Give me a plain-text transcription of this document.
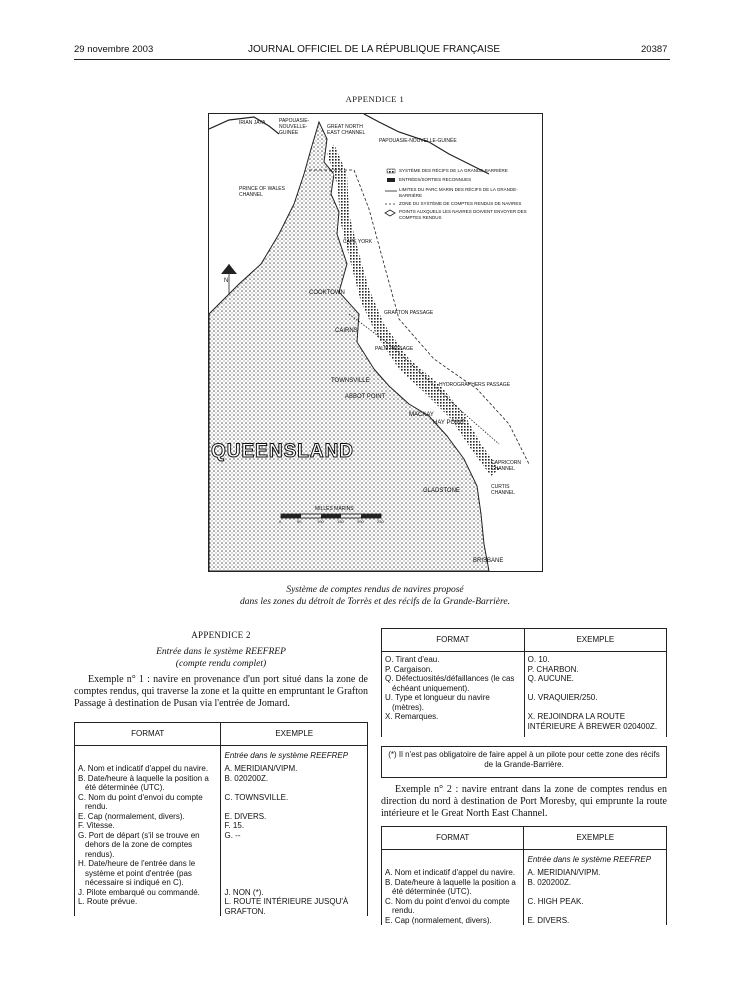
29 novembre 2003	JOURNAL OFFICIEL DE LA RÉPUBLIQUE FRANÇAISE	20387
APPENDICE 1
IRIAN JAYA	PAPOUASIE-NOUVELLE-GUINÉE
GREAT NORTH EAST CHANNEL
PAPOUASIE-NOUVELLE-GUINÉE
PRINCE OF WALES CHANNEL
CAPE YORK
COOKTOWN
GRAFTON PASSAGE
CAIRNS
PALM PASSAGE
TOWNSVILLE
HYDROGRAPHERS PASSAGE
ABBOT POINT
MACKAY
HAY POINT
QUEENSLAND
CAPRICORN CHANNEL
CURTIS CHANNEL
GLADSTONE
MILLES MARINS
BRISBANE
N
SYSTÈME DES RÉCIFS DE LA GRANDE-BARRIÈRE
ENTRÉES/SORTIES RECONNUES
LIMITES DU PARC MARIN DES RÉCIFS DE LA GRANDE-BARRIÈRE
ZONE DU SYSTÈME DE COMPTES RENDUS DE NAVIRES
POINTS AUXQUELS LES NAVIRES DOIVENT ENVOYER DES COMPTES RENDUS
0	50	100	150	200	250
Système de comptes rendus de navires proposé
dans les zones du détroit de Torrès et des récifs de la Grande-Barrière.
APPENDICE 2
Entrée dans le système REEFREP
(compte rendu complet)
Exemple n° 1 : navire en provenance d'un port situé dans la zone de comptes rendus, qui traverse la zone et la quitte en empruntant le Grafton Passage à destination de Pusan via l'entrée de Jomard.
FORMAT	EXEMPLE
	Entrée dans le système REEFREP
A. Nom et indicatif d'appel du navire.	A. MERIDIAN/VIPM.
B. Date/heure à laquelle la position a été déterminée (UTC).	B. 020200Z.
C. Nom du point d'envoi du compte rendu.	C. TOWNSVILLE.
E. Cap (normalement, divers).	E. DIVERS.
F. Vitesse.	F. 15.
G. Port de départ (s'il se trouve en dehors de la zone de comptes rendus).	G. --
H. Date/heure de l'entrée dans le système et point d'entrée (pas nécessaire si indiqué en C).	
J. Pilote embarqué ou commandé.	J. NON (*).
L. Route prévue.	L. ROUTE INTÉRIEURE JUSQU'À GRAFTON.
FORMAT	EXEMPLE
O. Tirant d'eau.	O. 10.
P. Cargaison.	P. CHARBON.
Q. Défectuosités/défaillances (le cas échéant uniquement).	Q. AUCUNE.
U. Type et longueur du navire (mètres).	U. VRAQUIER/250.
X. Remarques.	X. REJOINDRA LA ROUTE INTÉRIEURE À BREWER 020400Z.
(*) Il n'est pas obligatoire de faire appel à un pilote pour cette zone des récifs de la Grande-Barrière.
Exemple n° 2 : navire entrant dans la zone de comptes rendus en direction du nord à destination de Port Moresby, qui emprunte la route intérieure et le Great North East Channel.
FORMAT	EXEMPLE
	Entrée dans le système REEFREP
A. Nom et indicatif d'appel du navire.	A. MERIDIAN/VIPM.
B. Date/heure à laquelle la position a été déterminée (UTC).	B. 020200Z.
C. Nom du point d'envoi du compte rendu.	C. HIGH PEAK.
E. Cap (normalement, divers).	E. DIVERS.
